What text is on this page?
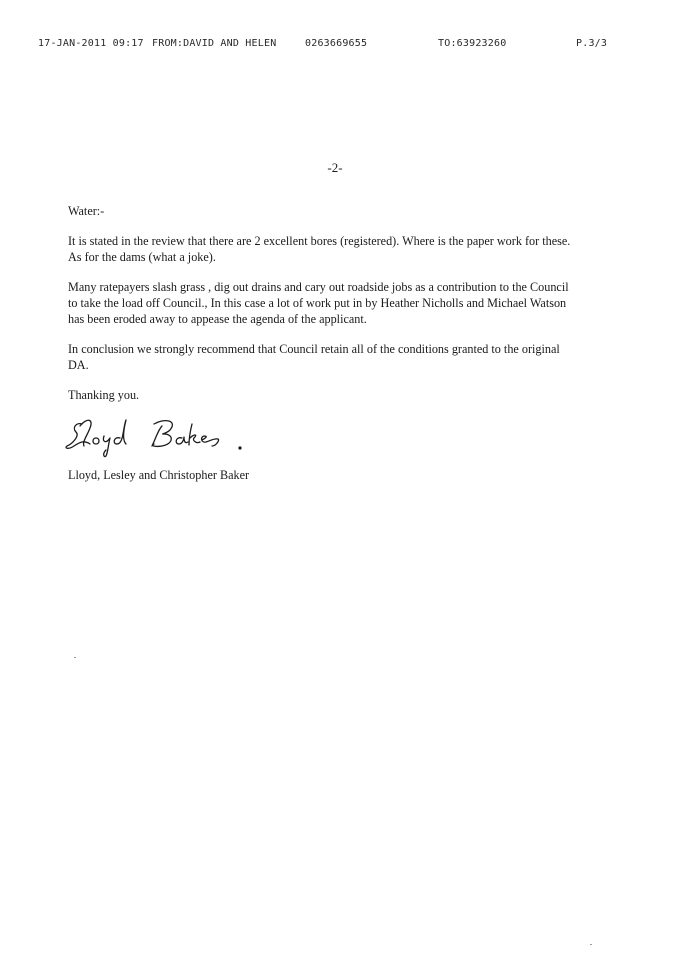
17-JAN-2011 09:17 FROM:DAVID AND HELEN	0263669655	TO:63923260	P.3/3
-2-

Water:-

It is stated in the review that there are 2 excellent bores (registered). Where is the paper work for these.

As for the dams (what a joke).

Many ratepayers slash grass , dig out drains and cary out roadside jobs as a contribution to the Council

to take the load off Council., In this case a lot of work put in by Heather Nicholls and Michael Watson

has been eroded away to appease the agenda of the applicant.

In conclusion we strongly recommend that Council retain all of the conditions granted to the original

DA.

Thanking you.

Lloyd, Lesley and Christopher Baker
